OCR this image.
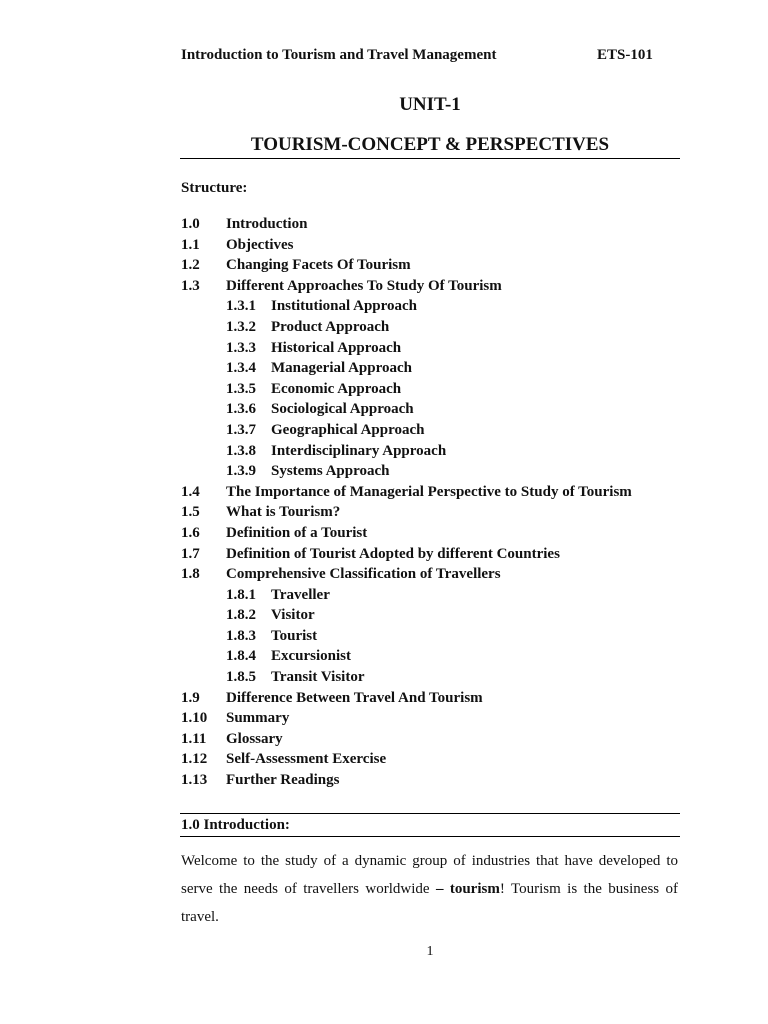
Introduction to Tourism and Travel Management	ETS-101
UNIT-1
TOURISM-CONCEPT & PERSPECTIVES
Structure:
1.0 Introduction
1.1 Objectives
1.2 Changing Facets Of Tourism
1.3 Different Approaches To Study Of Tourism
1.3.1 Institutional Approach
1.3.2 Product Approach
1.3.3 Historical Approach
1.3.4 Managerial Approach
1.3.5 Economic Approach
1.3.6 Sociological Approach
1.3.7 Geographical Approach
1.3.8 Interdisciplinary Approach
1.3.9 Systems Approach
1.4 The Importance of Managerial Perspective to Study of Tourism
1.5 What is Tourism?
1.6 Definition of a Tourist
1.7 Definition of Tourist Adopted by different Countries
1.8 Comprehensive Classification of Travellers
1.8.1 Traveller
1.8.2 Visitor
1.8.3 Tourist
1.8.4 Excursionist
1.8.5 Transit Visitor
1.9 Difference Between Travel And Tourism
1.10 Summary
1.11 Glossary
1.12 Self-Assessment Exercise
1.13 Further Readings
1.0 Introduction:

Welcome to the study of a dynamic group of industries that have developed to serve the needs of travellers worldwide – tourism! Tourism is the business of travel.

1
